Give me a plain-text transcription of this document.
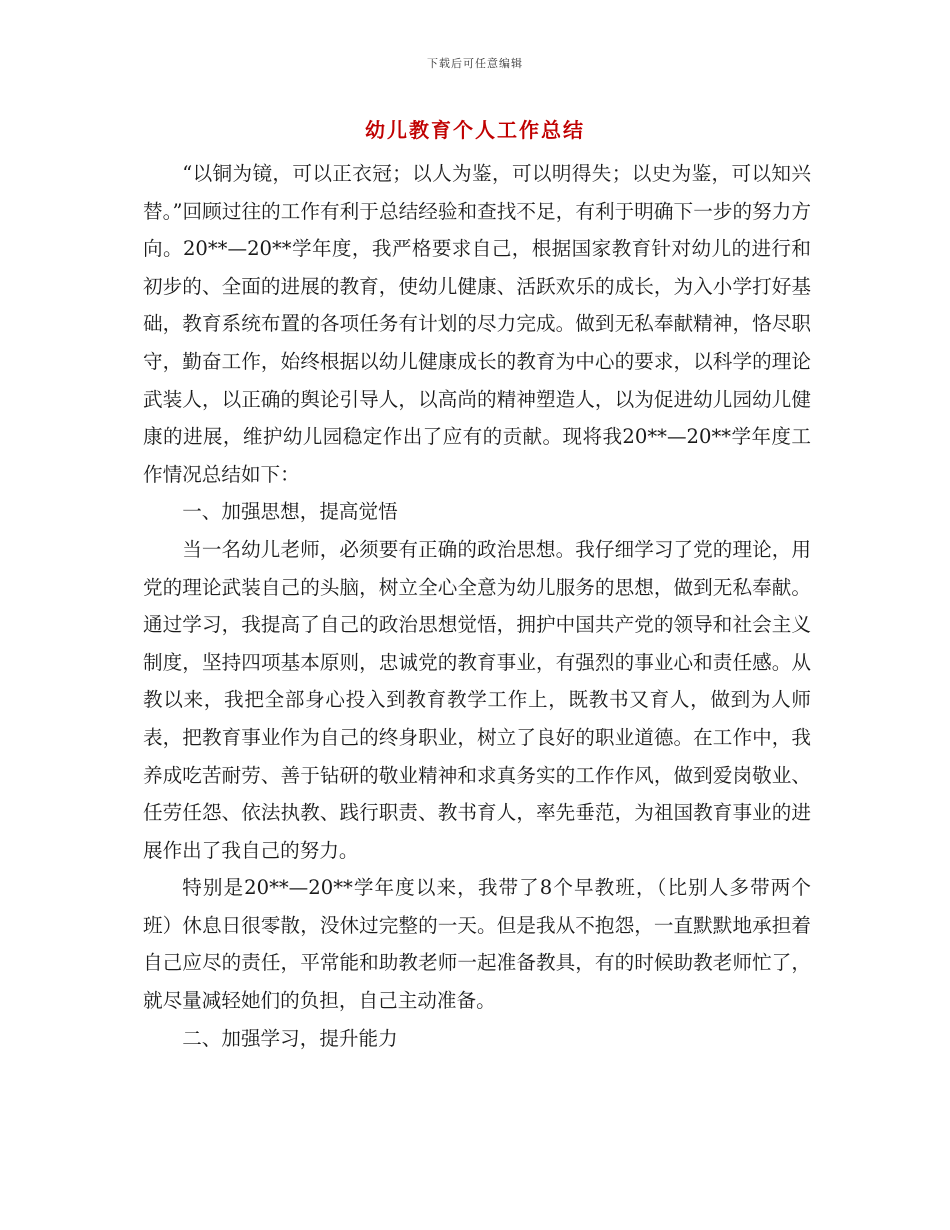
下载后可任意编辑
幼儿教育个人工作总结

“以铜为镜，可以正衣冠；以人为鉴，可以明得失；以史为鉴，可以知兴替。”回顾过往的工作有利于总结经验和查找不足，有利于明确下一步的努力方向。20**—20**学年度，我严格要求自己，根据国家教育针对幼儿的进行和初步的、全面的进展的教育，使幼儿健康、活跃欢乐的成长，为入小学打好基础，教育系统布置的各项任务有计划的尽力完成。做到无私奉献精神，恪尽职守，勤奋工作，始终根据以幼儿健康成长的教育为中心的要求，以科学的理论武装人，以正确的舆论引导人，以高尚的精神塑造人，以为促进幼儿园幼儿健康的进展，维护幼儿园稳定作出了应有的贡献。现将我20**—20**学年度工作情况总结如下：

一、加强思想，提高觉悟

当一名幼儿老师，必须要有正确的政治思想。我仔细学习了党的理论，用党的理论武装自己的头脑，树立全心全意为幼儿服务的思想，做到无私奉献。通过学习，我提高了自己的政治思想觉悟，拥护中国共产党的领导和社会主义制度，坚持四项基本原则，忠诚党的教育事业，有强烈的事业心和责任感。从教以来，我把全部身心投入到教育教学工作上，既教书又育人，做到为人师表，把教育事业作为自己的终身职业，树立了良好的职业道德。在工作中，我养成吃苦耐劳、善于钻研的敬业精神和求真务实的工作作风，做到爱岗敬业、任劳任怨、依法执教、践行职责、教书育人，率先垂范，为祖国教育事业的进展作出了我自己的努力。

特别是20**—20**学年度以来，我带了8个早教班，（比别人多带两个班）休息日很零散，没休过完整的一天。但是我从不抱怨，一直默默地承担着自己应尽的责任，平常能和助教老师一起准备教具，有的时候助教老师忙了，就尽量减轻她们的负担，自己主动准备。

二、加强学习，提升能力
